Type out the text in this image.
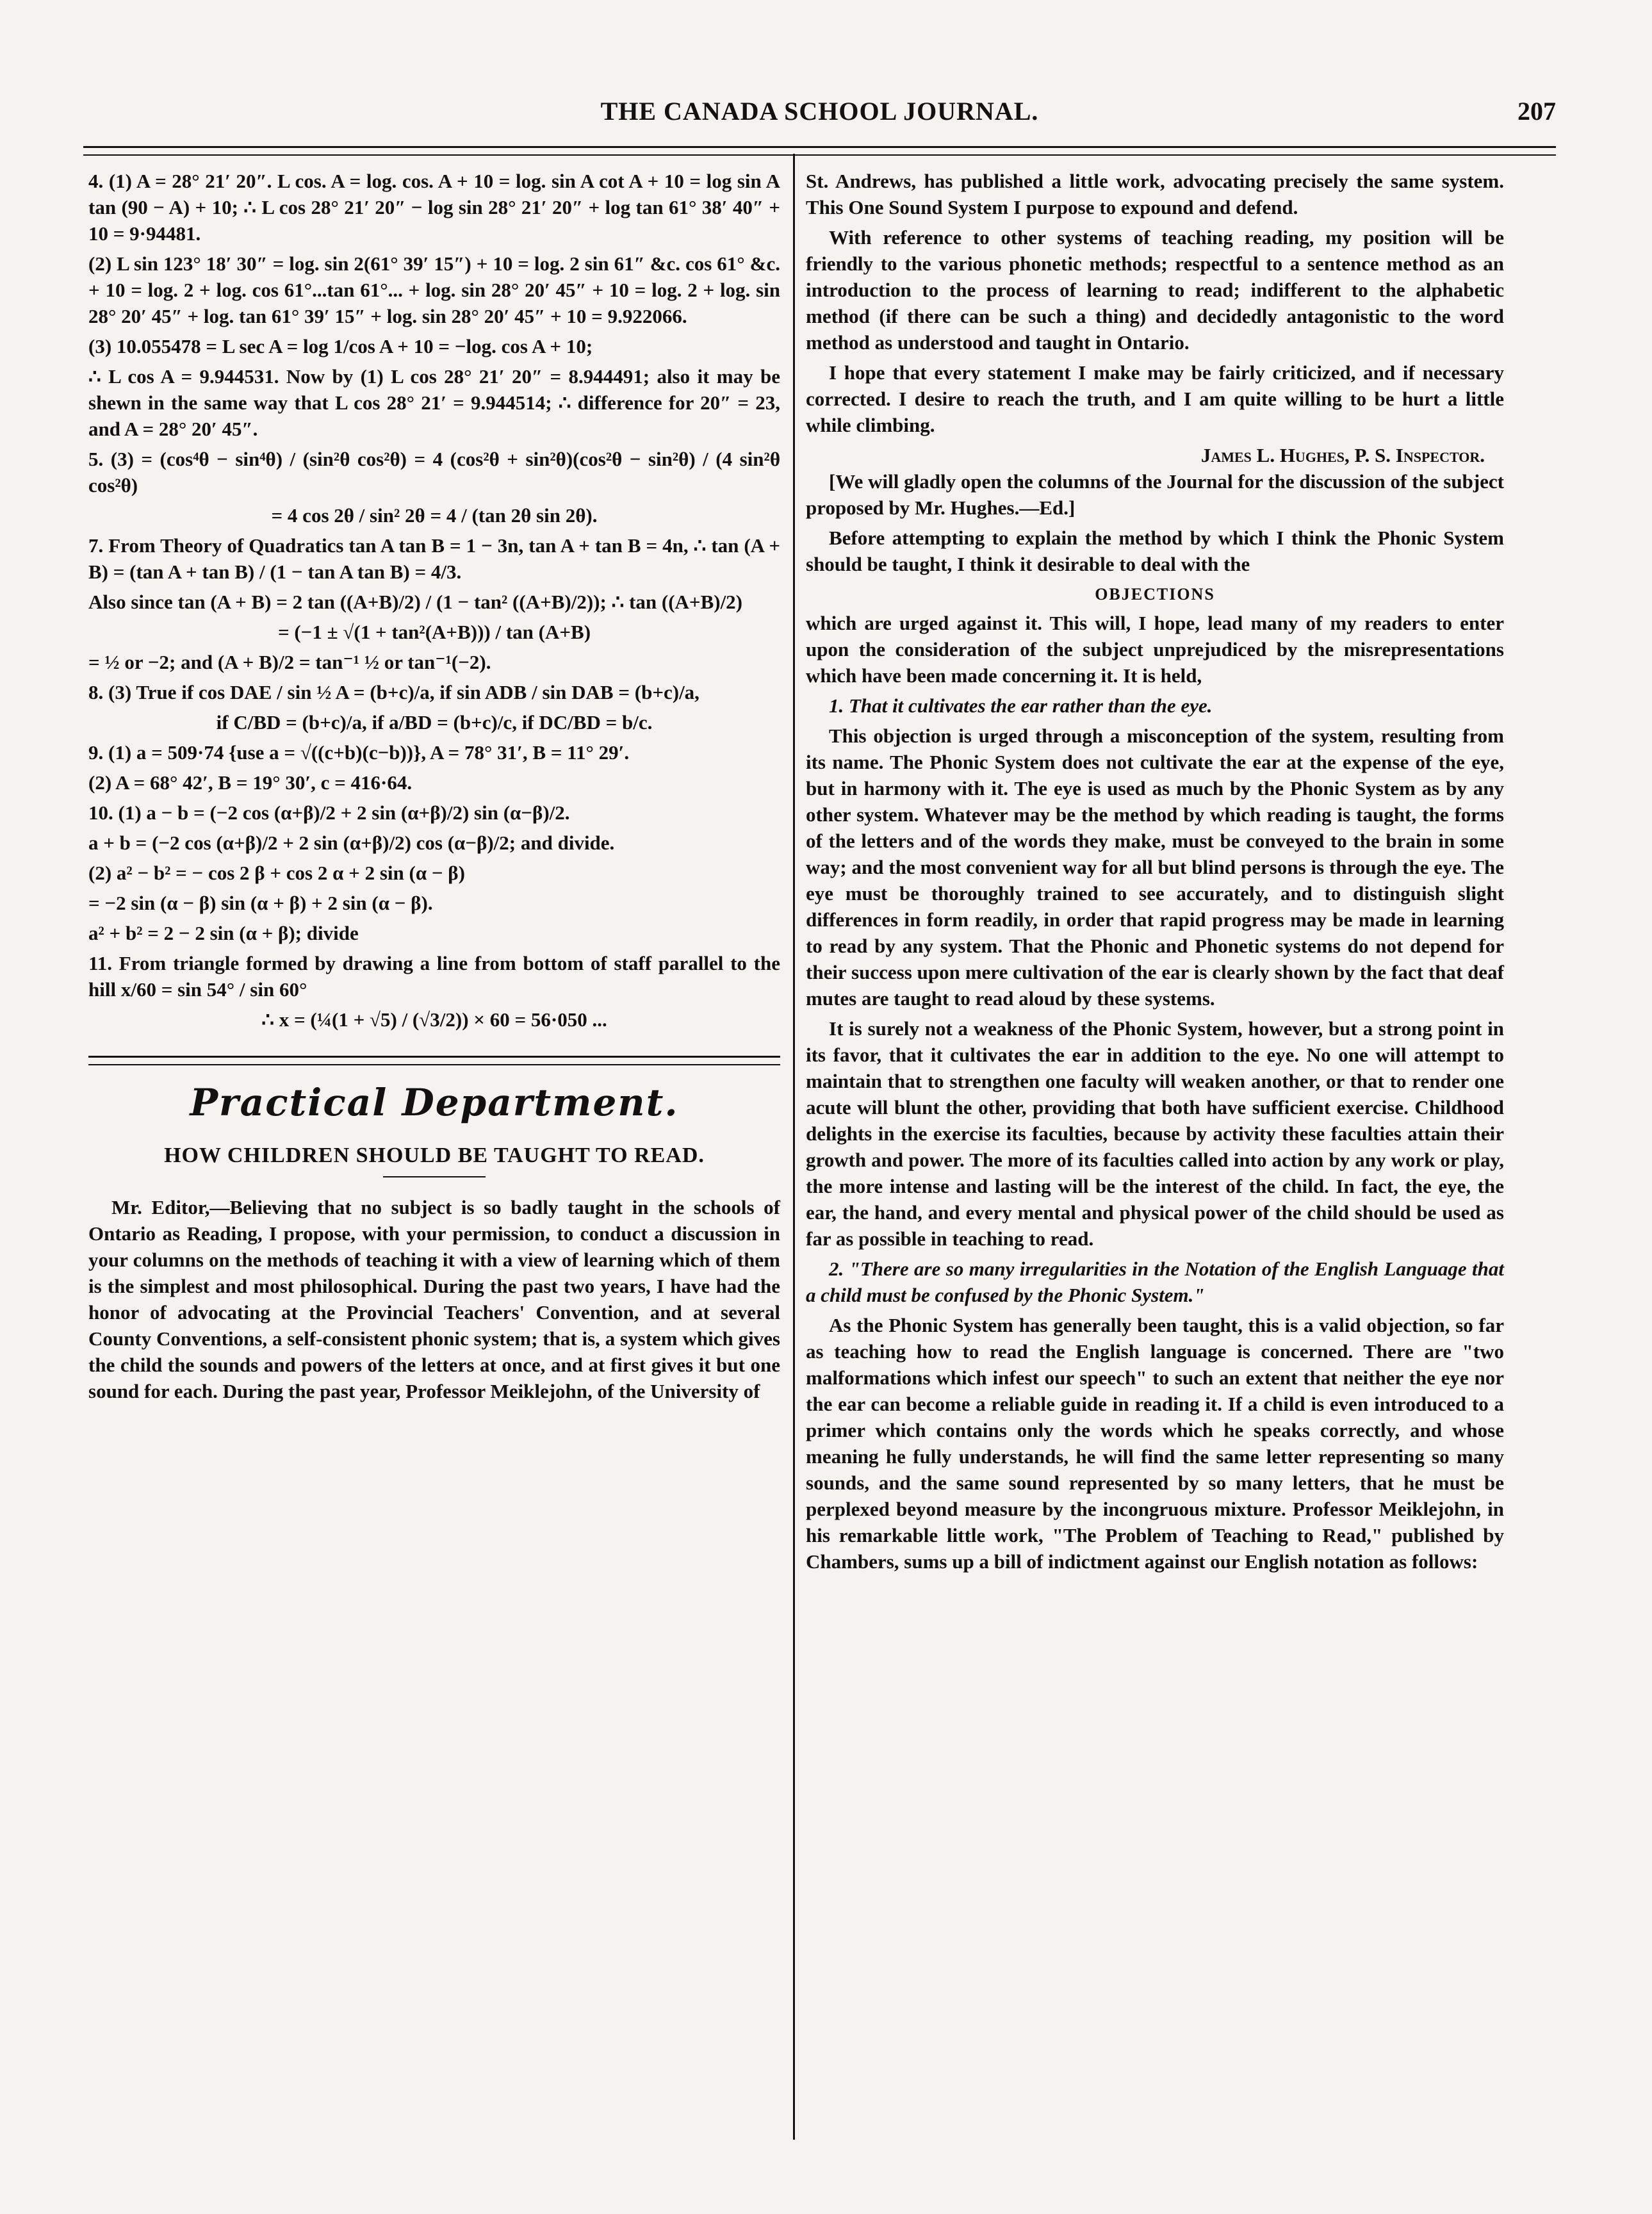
THE CANADA SCHOOL JOURNAL.	207

4. (1) A = 28° 21′ 20″. L cos. A = log. cos. A + 10 = log. sin A cot A + 10 = log sin A tan (90 − A) + 10; ∴ L cos 28° 21′ 20″ − log sin 28° 21′ 20″ + log tan 61° 38′ 40″ + 10 = 9·94481.

(2) L sin 123° 18′ 30″ = log. sin 2(61° 39′ 15″) + 10 = log. 2 sin 61″ &c. cos 61° &c. + 10 = log. 2 + log. cos 61°...tan 61°... + log. sin 28° 20′ 45″ + 10 = log. 2 + log. sin 28° 20′ 45″ + log. tan 61° 39′ 15″ + log. sin 28° 20′ 45″ + 10 = 9.922066.

(3) 10.055478 = L sec A = log 1/cos A + 10 = −log. cos A + 10;

∴ L cos A = 9.944531. Now by (1) L cos 28° 21′ 20″ = 8.944491; also it may be shewn in the same way that L cos 28° 21′ = 9.944514; ∴ difference for 20″ = 23, and A = 28° 20′ 45″.

5. (3) = (cos⁴θ − sin⁴θ) / (sin²θ cos²θ) = 4 (cos²θ + sin²θ)(cos²θ − sin²θ) / (4 sin²θ cos²θ)

= 4 cos 2θ / sin² 2θ = 4 / (tan 2θ sin 2θ).

7. From Theory of Quadratics tan A tan B = 1 − 3n, tan A + tan B = 4n, ∴ tan (A + B) = (tan A + tan B) / (1 − tan A tan B) = 4/3.

Also since tan (A + B) = 2 tan ((A+B)/2) / (1 − tan² ((A+B)/2)); ∴ tan ((A+B)/2)

= (−1 ± √(1 + tan²(A+B))) / tan (A+B)

= ½ or −2; and (A + B)/2 = tan⁻¹ ½ or tan⁻¹(−2).

8. (3) True if cos DAE / sin ½ A = (b+c)/a, if sin ADB / sin DAB = (b+c)/a,

if C/BD = (b+c)/a, if a/BD = (b+c)/c, if DC/BD = b/c.

9. (1) a = 509·74 {use a = √((c+b)(c−b))}, A = 78° 31′, B = 11° 29′.

(2) A = 68° 42′, B = 19° 30′, c = 416·64.

10. (1) a − b = (−2 cos (α+β)/2 + 2 sin (α+β)/2) sin (α−β)/2.

a + b = (−2 cos (α+β)/2 + 2 sin (α+β)/2) cos (α−β)/2; and divide.

(2) a² − b² = − cos 2 β + cos 2 α + 2 sin (α − β)

= −2 sin (α − β) sin (α + β) + 2 sin (α − β).

a² + b² = 2 − 2 sin (α + β); divide

11. From triangle formed by drawing a line from bottom of staff parallel to the hill x/60 = sin 54° / sin 60°

∴ x = (¼(1 + √5) / (√3/2)) × 60 = 56·050 ...

Practical Department.
HOW CHILDREN SHOULD BE TAUGHT TO READ.

Mr. Editor,—Believing that no subject is so badly taught in the schools of Ontario as Reading, I propose, with your permission, to conduct a discussion in your columns on the methods of teaching it with a view of learning which of them is the simplest and most philosophical. During the past two years, I have had the honor of advocating at the Provincial Teachers' Convention, and at several County Conventions, a self-consistent phonic system; that is, a system which gives the child the sounds and powers of the letters at once, and at first gives it but one sound for each. During the past year, Professor Meiklejohn, of the University of

St. Andrews, has published a little work, advocating precisely the same system. This One Sound System I purpose to expound and defend.

With reference to other systems of teaching reading, my position will be friendly to the various phonetic methods; respectful to a sentence method as an introduction to the process of learning to read; indifferent to the alphabetic method (if there can be such a thing) and decidedly antagonistic to the word method as understood and taught in Ontario.

I hope that every statement I make may be fairly criticized, and if necessary corrected. I desire to reach the truth, and I am quite willing to be hurt a little while climbing.

James L. Hughes, P. S. Inspector.

[We will gladly open the columns of the Journal for the discussion of the subject proposed by Mr. Hughes.—Ed.]

Before attempting to explain the method by which I think the Phonic System should be taught, I think it desirable to deal with the

OBJECTIONS

which are urged against it. This will, I hope, lead many of my readers to enter upon the consideration of the subject unprejudiced by the misrepresentations which have been made concerning it. It is held,

1. That it cultivates the ear rather than the eye.

This objection is urged through a misconception of the system, resulting from its name. The Phonic System does not cultivate the ear at the expense of the eye, but in harmony with it. The eye is used as much by the Phonic System as by any other system. Whatever may be the method by which reading is taught, the forms of the letters and of the words they make, must be conveyed to the brain in some way; and the most convenient way for all but blind persons is through the eye. The eye must be thoroughly trained to see accurately, and to distinguish slight differences in form readily, in order that rapid progress may be made in learning to read by any system. That the Phonic and Phonetic systems do not depend for their success upon mere cultivation of the ear is clearly shown by the fact that deaf mutes are taught to read aloud by these systems.

It is surely not a weakness of the Phonic System, however, but a strong point in its favor, that it cultivates the ear in addition to the eye. No one will attempt to maintain that to strengthen one faculty will weaken another, or that to render one acute will blunt the other, providing that both have sufficient exercise. Childhood delights in the exercise its faculties, because by activity these faculties attain their growth and power. The more of its faculties called into action by any work or play, the more intense and lasting will be the interest of the child. In fact, the eye, the ear, the hand, and every mental and physical power of the child should be used as far as possible in teaching to read.

2. "There are so many irregularities in the Notation of the English Language that a child must be confused by the Phonic System."

As the Phonic System has generally been taught, this is a valid objection, so far as teaching how to read the English language is concerned. There are "two malformations which infest our speech" to such an extent that neither the eye nor the ear can become a reliable guide in reading it. If a child is even introduced to a primer which contains only the words which he speaks correctly, and whose meaning he fully understands, he will find the same letter representing so many sounds, and the same sound represented by so many letters, that he must be perplexed beyond measure by the incongruous mixture. Professor Meiklejohn, in his remarkable little work, "The Problem of Teaching to Read," published by Chambers, sums up a bill of indictment against our English notation as follows:
